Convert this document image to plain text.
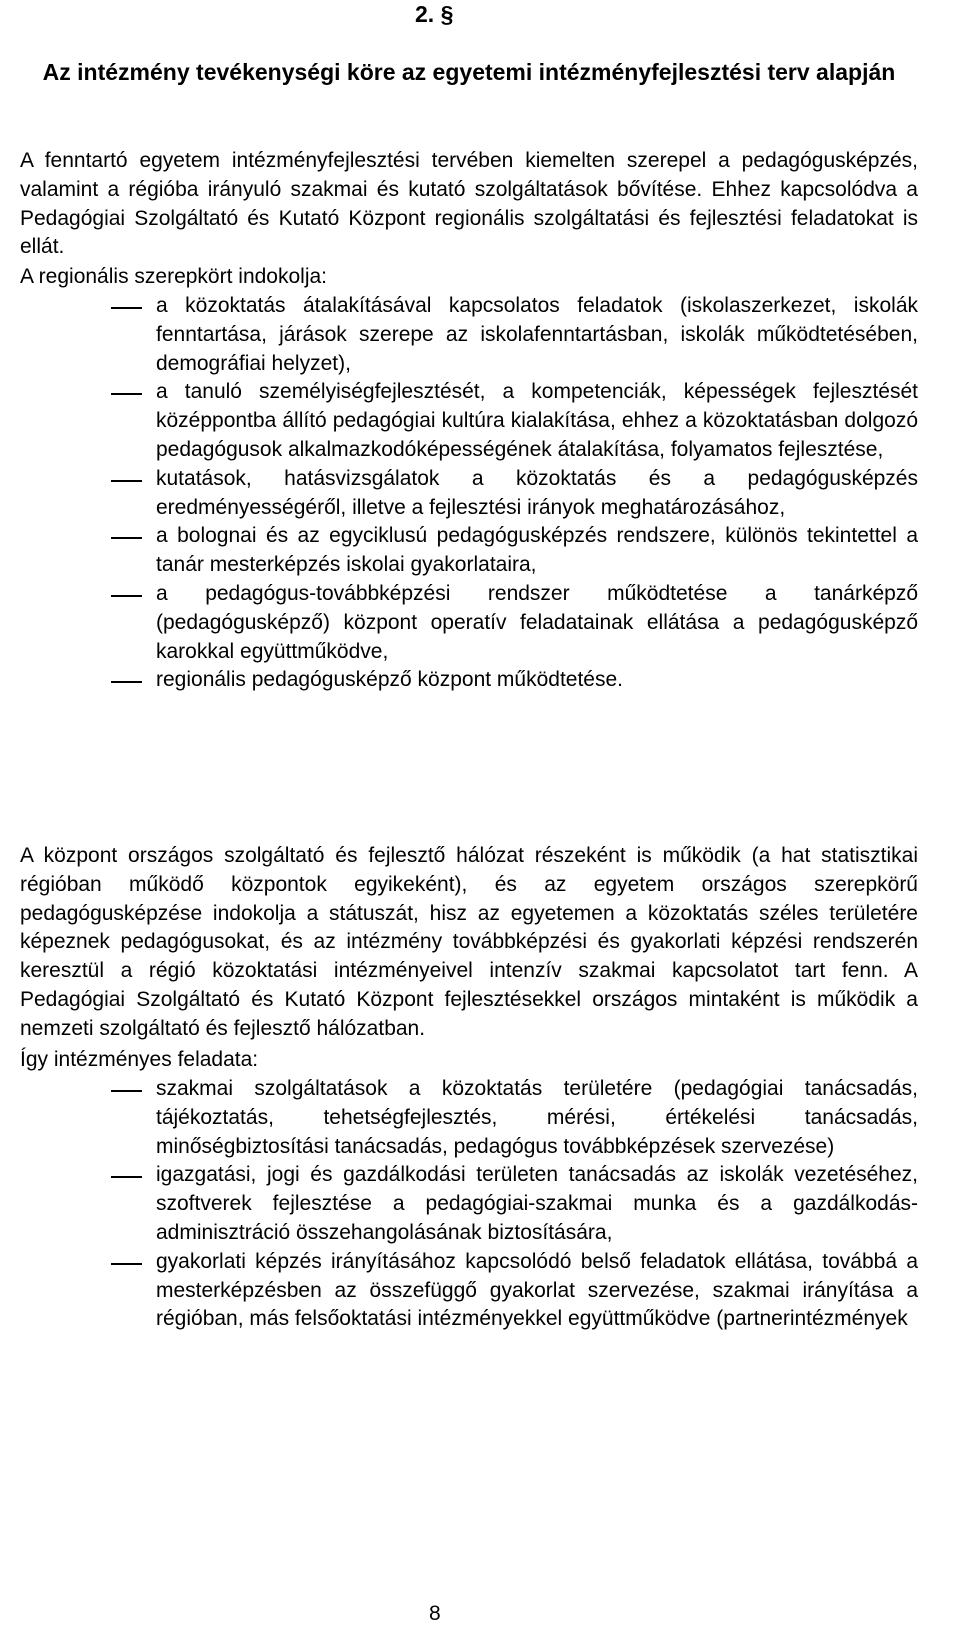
2. §
Az intézmény tevékenységi köre az egyetemi intézményfejlesztési terv alapján
A fenntartó egyetem intézményfejlesztési tervében kiemelten szerepel a pedagógusképzés, valamint a régióba irányuló szakmai és kutató szolgáltatások bővítése. Ehhez kapcsolódva a Pedagógiai Szolgáltató és Kutató Központ regionális szolgáltatási és fejlesztési feladatokat is ellát.
A regionális szerepkört indokolja:
a közoktatás átalakításával kapcsolatos feladatok (iskolaszerkezet, iskolák fenntartása, járások szerepe az iskolafenntartásban, iskolák működtetésében, demográfiai helyzet),
a tanuló személyiségfejlesztését, a kompetenciák, képességek fejlesztését középpontba állító pedagógiai kultúra kialakítása, ehhez a közoktatásban dolgozó pedagógusok alkalmazkodóképességének átalakítása, folyamatos fejlesztése,
kutatások, hatásvizsgálatok a közoktatás és a pedagógusképzés eredményességéről, illetve a fejlesztési irányok meghatározásához,
a bolognai és az egyciklusú pedagógusképzés rendszere, különös tekintettel a tanár mesterképzés iskolai gyakorlataira,
a pedagógus-továbbképzési rendszer működtetése a tanárképző (pedagógusképző) központ operatív feladatainak ellátása a pedagógusképző karokkal együttműködve,
regionális pedagógusképző központ működtetése.
A központ országos szolgáltató és fejlesztő hálózat részeként is működik (a hat statisztikai régióban működő központok egyikeként), és az egyetem országos szerepkörű pedagógusképzése indokolja a státuszát, hisz az egyetemen a közoktatás széles területére képeznek pedagógusokat, és az intézmény továbbképzési és gyakorlati képzési rendszerén keresztül a régió közoktatási intézményeivel intenzív szakmai kapcsolatot tart fenn. A Pedagógiai Szolgáltató és Kutató Központ fejlesztésekkel országos mintaként is működik a nemzeti szolgáltató és fejlesztő hálózatban.
Így intézményes feladata:
szakmai szolgáltatások a közoktatás területére (pedagógiai tanácsadás, tájékoztatás, tehetségfejlesztés, mérési, értékelési tanácsadás, minőségbiztosítási tanácsadás, pedagógus továbbképzések szervezése)
igazgatási, jogi és gazdálkodási területen tanácsadás az iskolák vezetéséhez, szoftverek fejlesztése a pedagógiai-szakmai munka és a gazdálkodás-adminisztráció összehangolásának biztosítására,
gyakorlati képzés irányításához kapcsolódó belső feladatok ellátása, továbbá a mesterképzésben az összefüggő gyakorlat szervezése, szakmai irányítása a régióban, más felsőoktatási intézményekkel együttműködve (partnerintézmények
8
